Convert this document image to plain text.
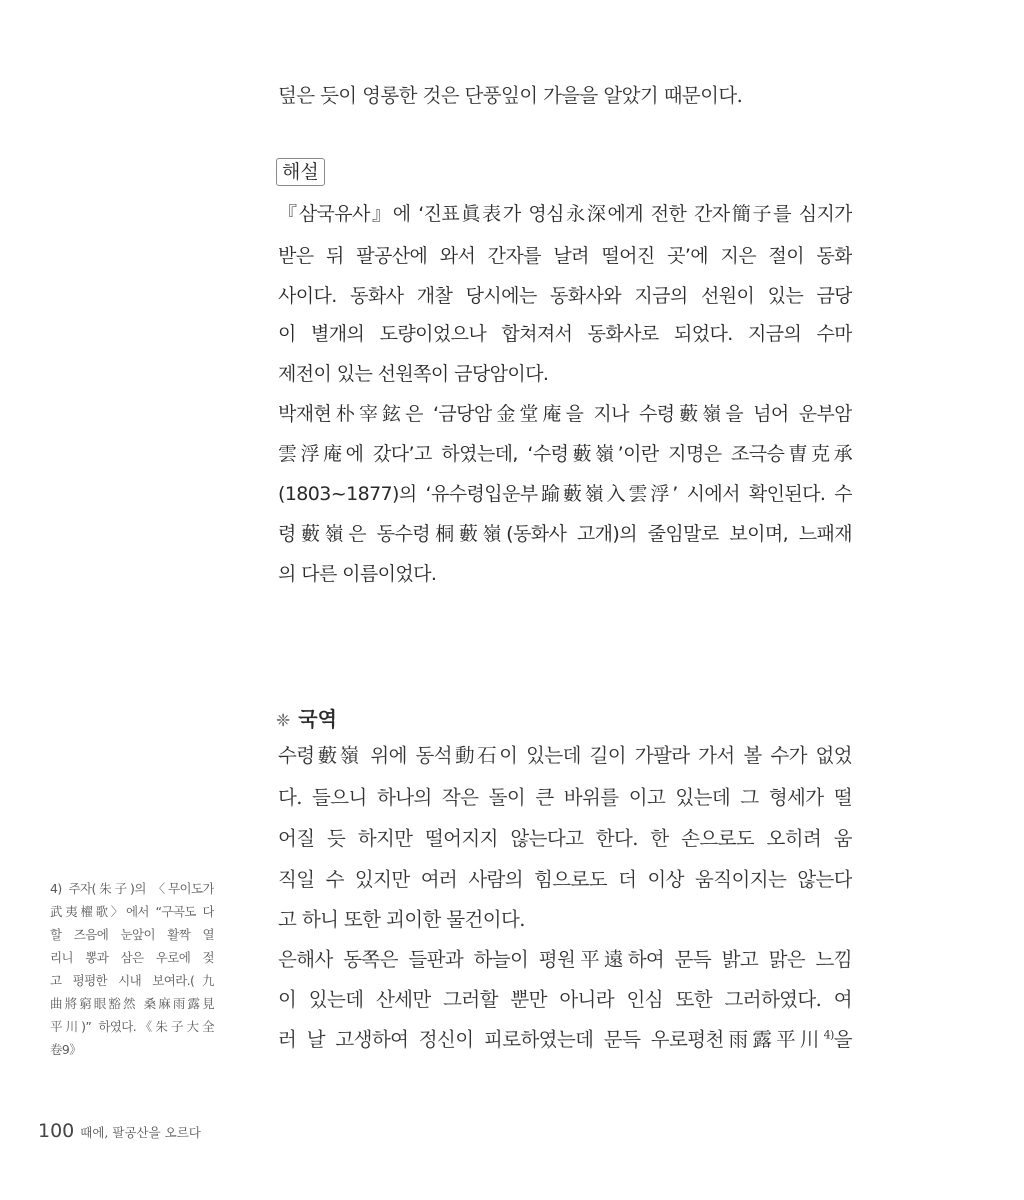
덮은 듯이 영롱한 것은 단풍잎이 가을을 알았기 때문이다.
해설
『삼국유사』에 ‘진표眞表가 영심永深에게 전한 간자簡子를 심지가
받은 뒤 팔공산에 와서 간자를 날려 떨어진 곳’에 지은 절이 동화
사이다. 동화사 개찰 당시에는 동화사와 지금의 선원이 있는 금당
이 별개의 도량이었으나 합쳐져서 동화사로 되었다. 지금의 수마
제전이 있는 선원쪽이 금당암이다.
박재현朴宰鉉은 ‘금당암金堂庵을 지나 수령藪嶺을 넘어 운부암
雲浮庵에 갔다’고 하였는데, ‘수령藪嶺’이란 지명은 조극승曺克承
(1803~1877)의 ‘유수령입운부踰藪嶺入雲浮’ 시에서 확인된다. 수
령藪嶺은 동수령桐藪嶺(동화사 고개)의 줄임말로 보이며, 느패재
의 다른 이름이었다.
❈ 국역
수령藪嶺 위에 동석動石이 있는데 길이 가팔라 가서 볼 수가 없었
다. 들으니 하나의 작은 돌이 큰 바위를 이고 있는데 그 형세가 떨
어질 듯 하지만 떨어지지 않는다고 한다. 한 손으로도 오히려 움
직일 수 있지만 여러 사람의 힘으로도 더 이상 움직이지는 않는다
고 하니 또한 괴이한 물건이다.
은해사 동쪽은 들판과 하늘이 평원平遠하여 문득 밝고 맑은 느낌
이 있는데 산세만 그러할 뿐만 아니라 인심 또한 그러하였다. 여
러 날 고생하여 정신이 피로하였는데 문득 우로평천雨露平川$^{4)}$을
4) 주자(朱子)의 〈무이도가
武夷櫂歌〉에서 “구곡도 다
할 즈음에 눈앞이 활짝 열
리니 뽕과 삼은 우로에 젖
고 평평한 시내 보여라.(九
曲將窮眼豁然 桑麻雨露見
平川)” 하였다.《朱子大全
卷9》
100 때에, 팔공산을 오르다
